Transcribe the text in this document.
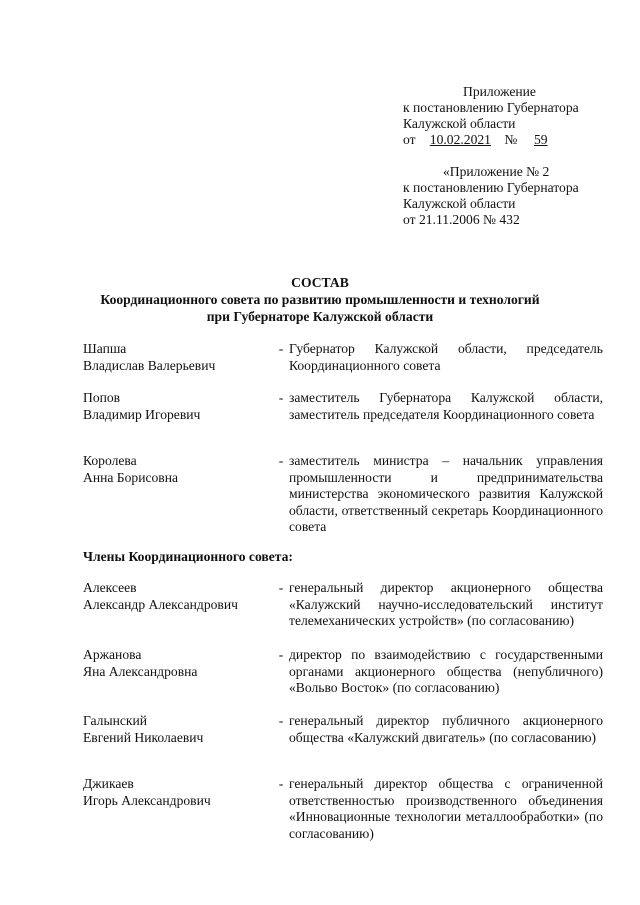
Приложение
к постановлению Губернатора
Калужской области
от 10.02.2021 № 59
«Приложение № 2
к постановлению Губернатора
Калужской области
от 21.11.2006 № 432
СОСТАВ
Координационного совета по развитию промышленности и технологий
при Губернаторе Калужской области
Шапша
Владислав Валерьевич
- Губернатор Калужской области, председатель Координационного совета
Попов
Владимир Игоревич
- заместитель Губернатора Калужской области, заместитель председателя Координационного совета
Королева
Анна Борисовна
- заместитель министра – начальник управления промышленности и предпринимательства министерства экономического развития Калужской области, ответственный секретарь Координационного совета
Члены Координационного совета:
Алексеев
Александр Александрович
- генеральный директор акционерного общества «Калужский научно-исследовательский институт телемеханических устройств» (по согласованию)
Аржанова
Яна Александровна
- директор по взаимодействию с государственными органами акционерного общества (непубличного) «Вольво Восток» (по согласованию)
Галынский
Евгений Николаевич
- генеральный директор публичного акционерного общества «Калужский двигатель» (по согласованию)
Джикаев
Игорь Александрович
- генеральный директор общества с ограниченной ответственностью производственного объединения «Инновационные технологии металлообработки» (по согласованию)
